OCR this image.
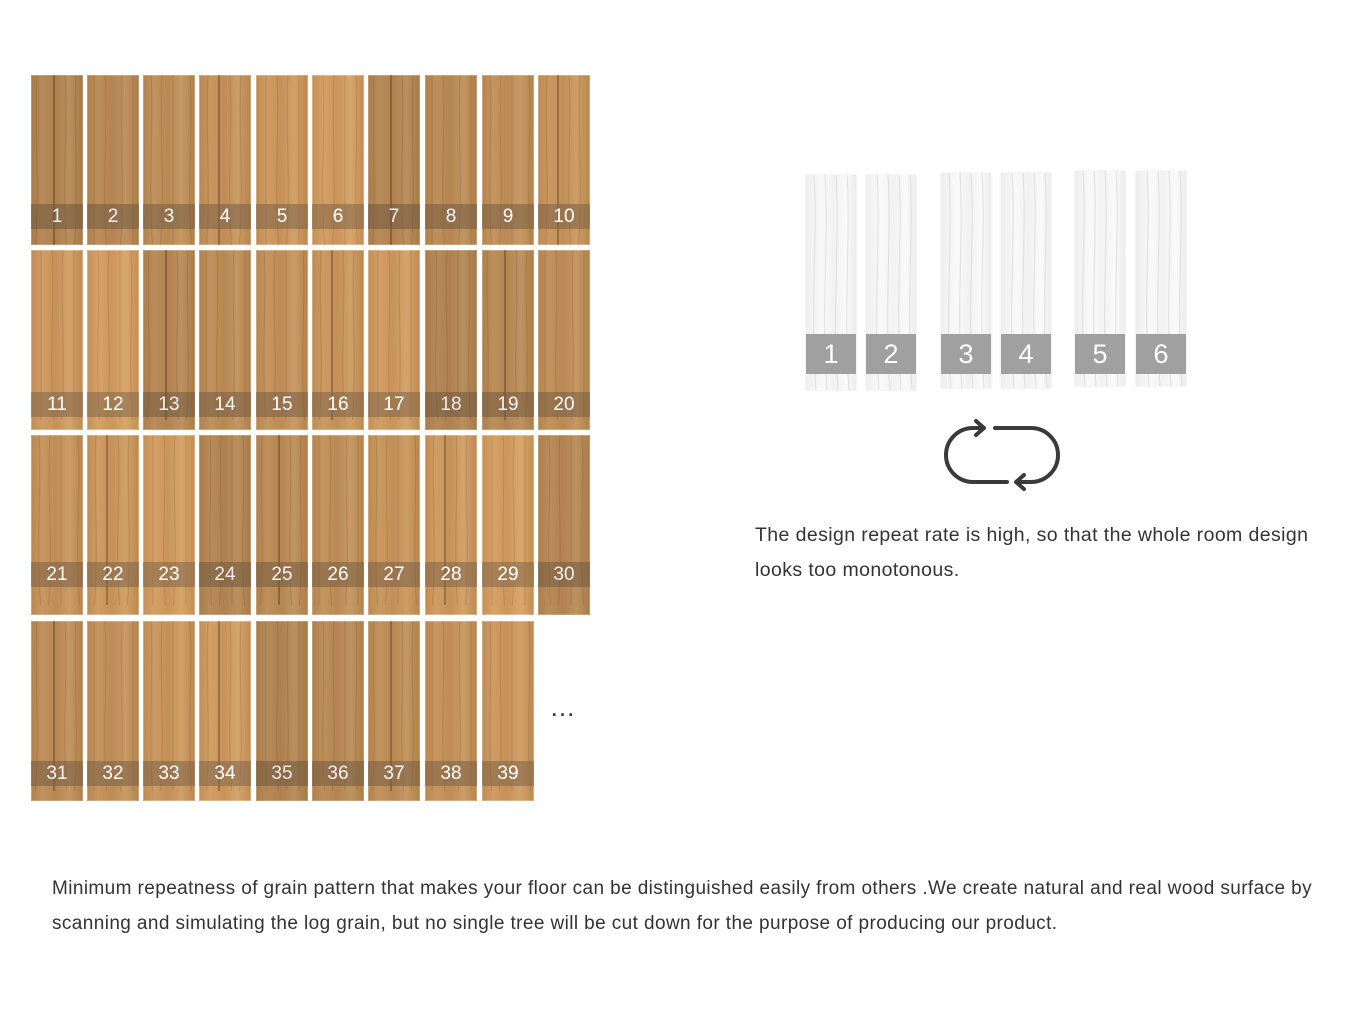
1	2	3	4	5	6	7	8	9	10
11	12	13	14	15	16	17	18	19	20
21	22	23	24	25	26	27	28	29	30
31	32	33	34	35	36	37	38	39
...
1	2	3	4	5	6

The design repeat rate is high, so that the whole room design looks too monotonous.

Minimum repeatness of grain pattern that makes your floor can be distinguished easily from others .We create natural and real wood surface by scanning and simulating the log grain, but no single tree will be cut down for the purpose of producing our product.
